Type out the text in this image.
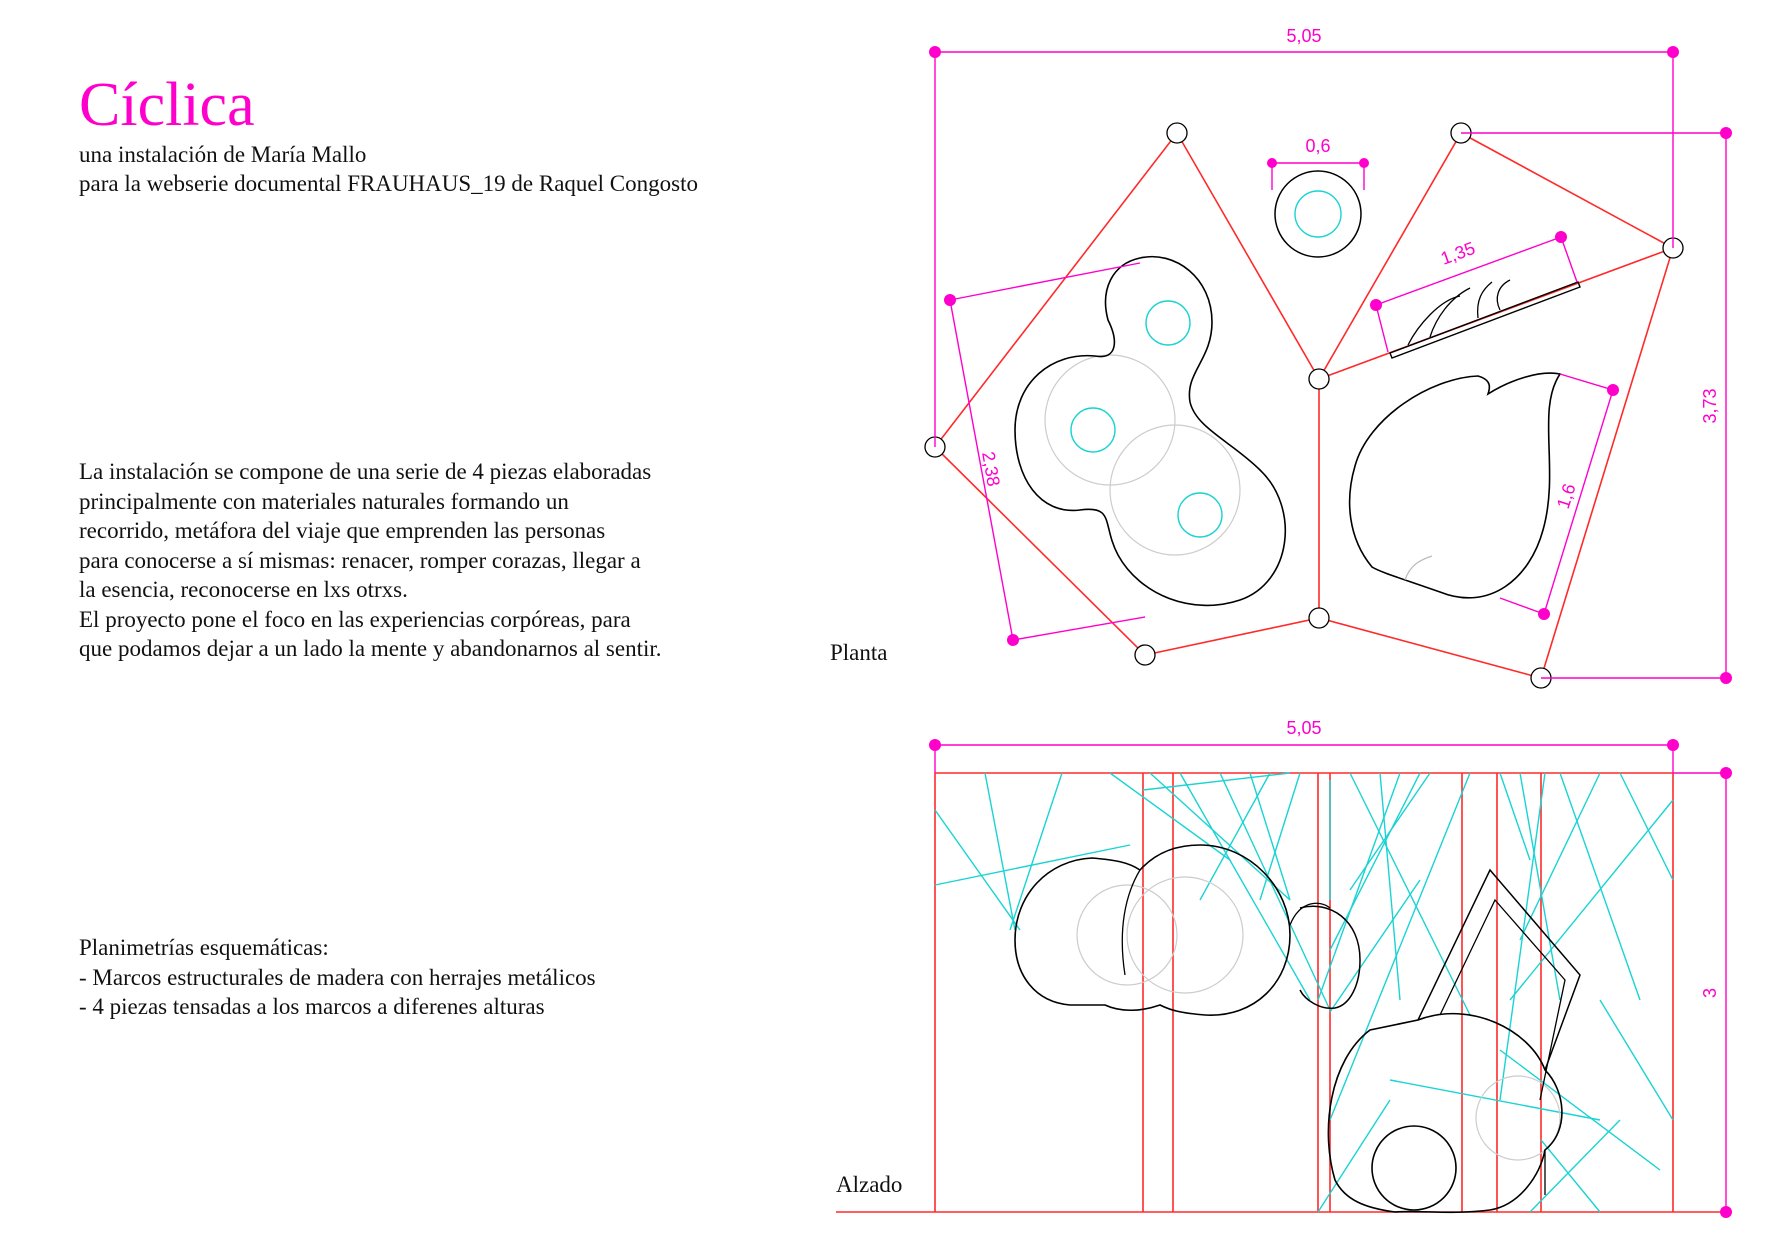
Cíclica
una instalación de María Mallo
para la webserie documental FRAUHAUS_19 de Raquel Congosto
La instalación se compone de una serie de 4 piezas elaboradas
principalmente con materiales naturales formando un
recorrido, metáfora del viaje que emprenden las personas
para conocerse a sí mismas: renacer, romper corazas, llegar a
la esencia, reconocerse en lxs otrxs.
El proyecto pone el foco en las experiencias corpóreas, para
que podamos dejar a un lado la mente y abandonarnos al sentir.
Planimetrías esquemáticas:
- Marcos estructurales de madera con herrajes metálicos
- 4 piezas tensadas a los marcos a diferenes alturas
Planta
Alzado
5,05
3,73
0,6
1,35
2,38
1,6
5,05
3
